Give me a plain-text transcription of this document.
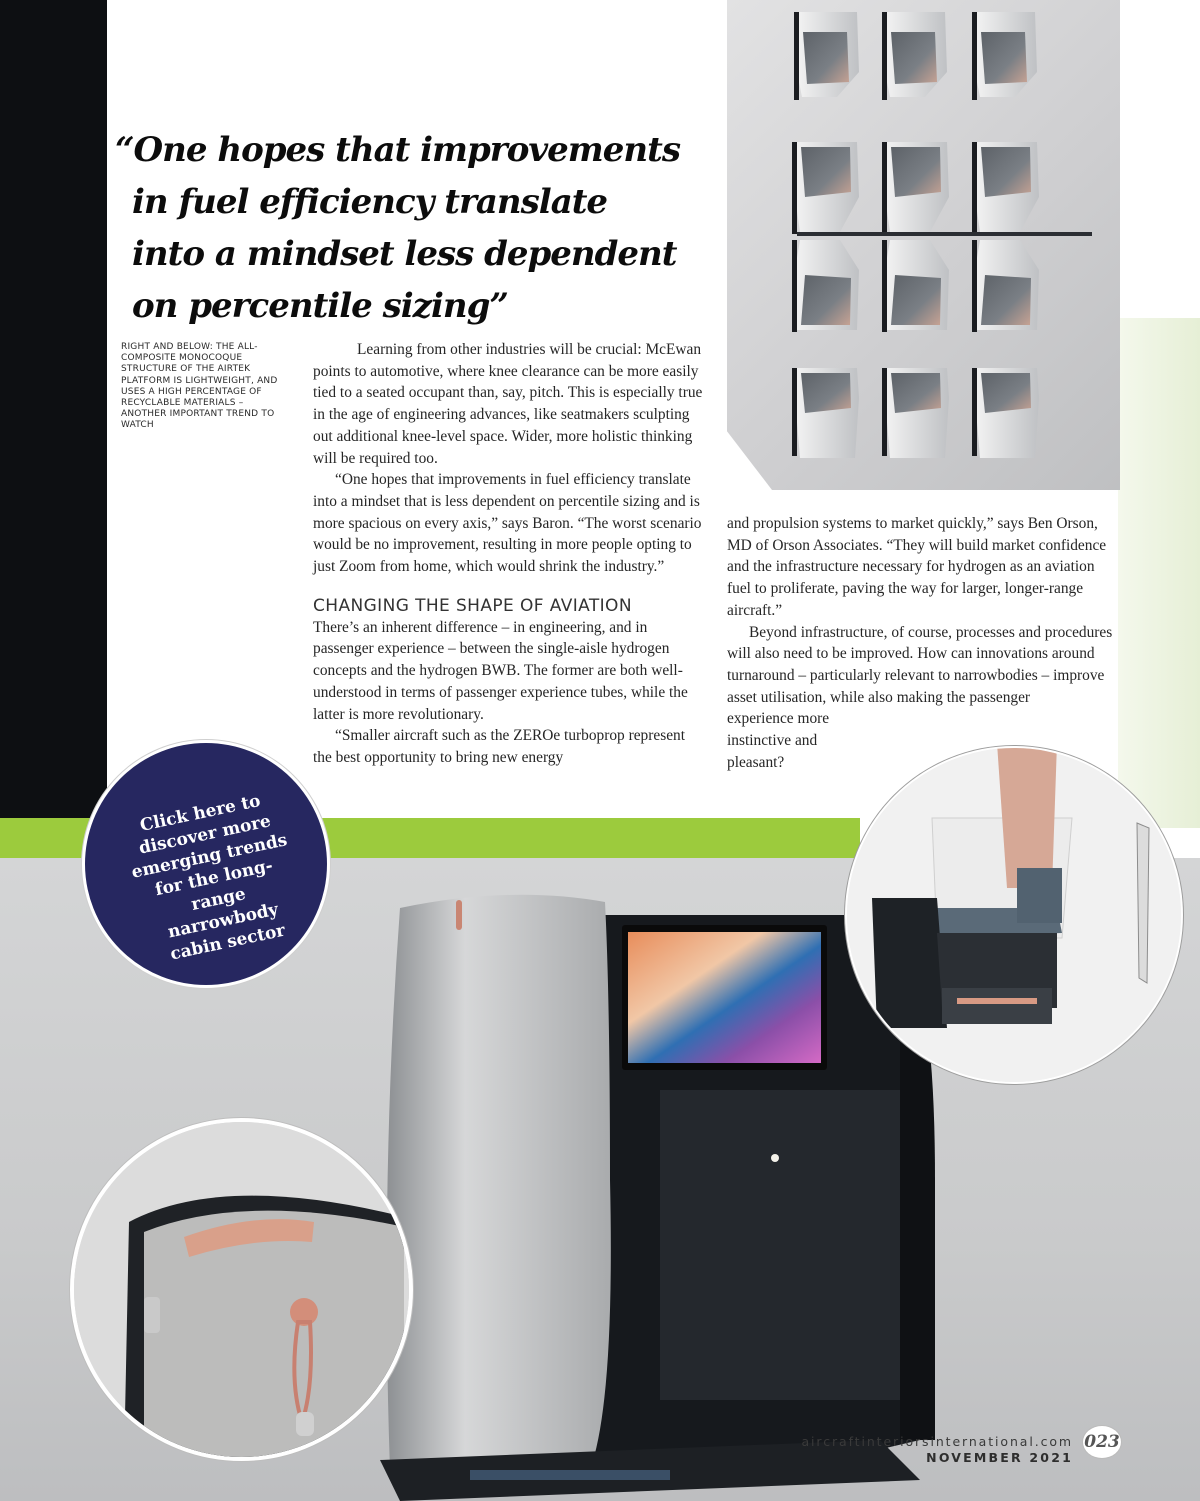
“One hopes that improvements
in fuel efficiency translate
into a mindset less dependent
on percentile sizing”
RIGHT AND BELOW: THE ALL-COMPOSITE MONOCOQUE STRUCTURE OF THE AIRTEK PLATFORM IS LIGHTWEIGHT, AND USES A HIGH PERCENTAGE OF RECYCLABLE MATERIALS – ANOTHER IMPORTANT TREND TO WATCH

Learning from other industries will be crucial: McEwan points to automotive, where knee clearance can be more easily tied to a seated occupant than, say, pitch. This is especially true in the age of engineering advances, like seatmakers sculpting out additional knee-level space. Wider, more holistic thinking will be required too.

“One hopes that improvements in fuel efficiency translate into a mindset that is less dependent on percentile sizing and is more spacious on every axis,” says Baron. “The worst scenario would be no improvement, resulting in more people opting to just Zoom from home, which would shrink the industry.”

CHANGING THE SHAPE OF AVIATION

There’s an inherent difference – in engineering, and in passenger experience – between the single-aisle hydrogen concepts and the hydrogen BWB. The former are both well-understood in terms of passenger experience tubes, while the latter is more revolutionary.

“Smaller aircraft such as the ZEROe turboprop represent the best opportunity to bring new energy

and propulsion systems to market quickly,” says Ben Orson, MD of Orson Associates. “They will build market confidence and the infrastructure necessary for hydrogen as an aviation fuel to proliferate, paving the way for larger, longer-range aircraft.”

Beyond infrastructure, of course, processes and procedures will also need to be improved. How can innovations around turnaround – particularly relevant to narrowbodies – improve asset utilisation, while also making the passenger

experience more instinctive and pleasant?

Click here to discover more emerging trends for the long-range narrowbody cabin sector
aircraftinteriorsinternational.com
NOVEMBER 2021
023
